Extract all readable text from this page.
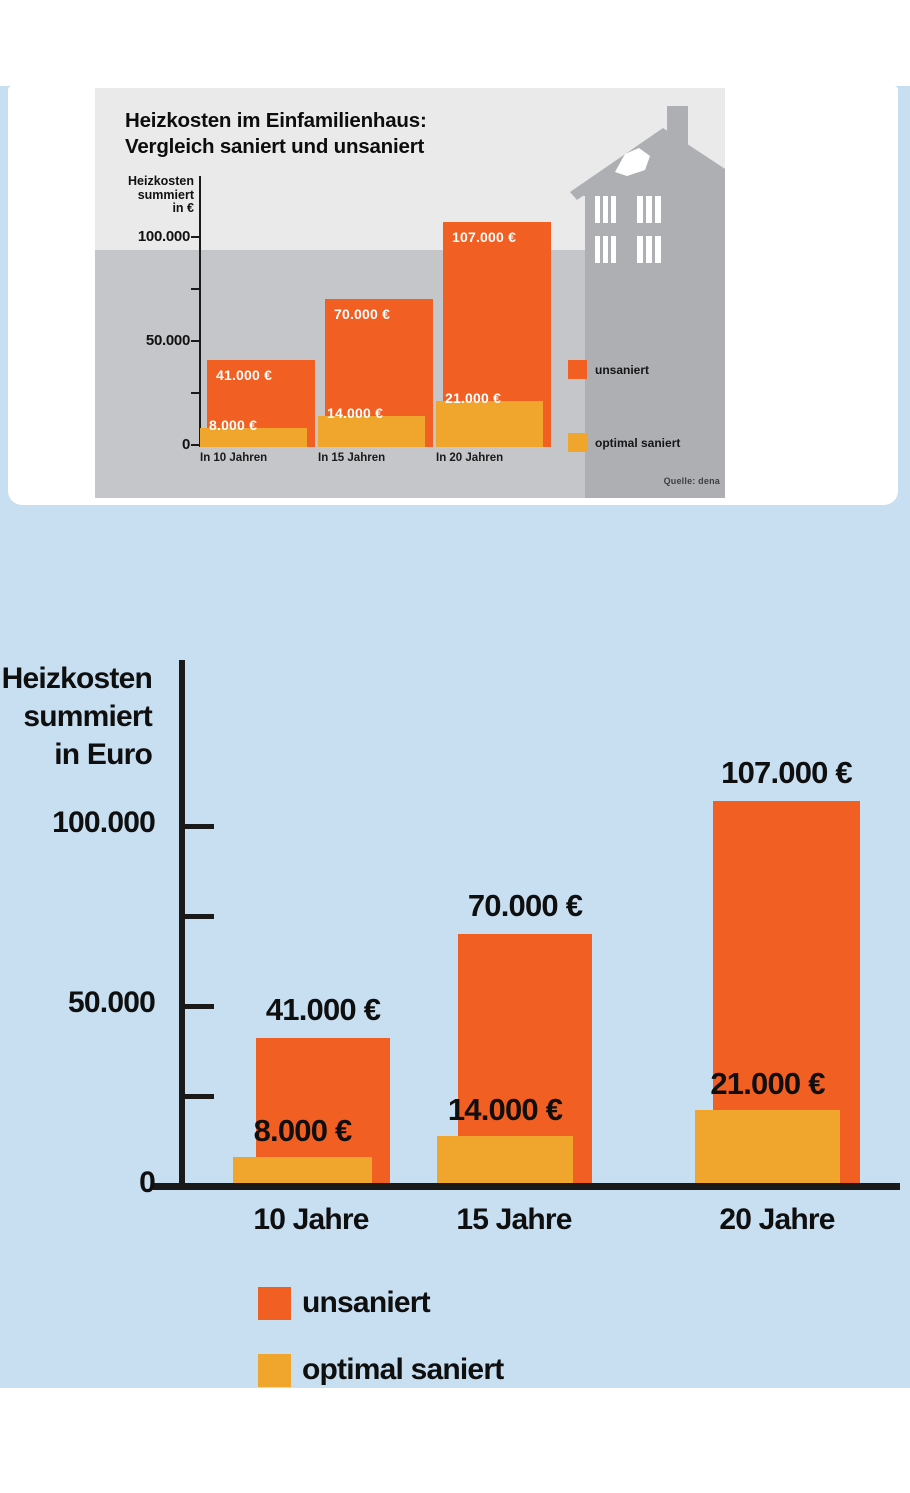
Heizkosten im Einfamilienhaus:
Vergleich saniert und unsaniert
Heizkosten
summiert
in €
0
50.000
100.000
41.000 €
70.000 €
107.000 €
8.000 €
14.000 €
21.000 €
In 10 Jahren	In 15 Jahren	In 20 Jahren
unsaniert
optimal saniert
Quelle: dena
Heizkosten
summiert
in Euro
0
50.000
100.000
41.000 €
70.000 €
107.000 €
8.000 €
14.000 €
21.000 €
10 Jahre	15 Jahre	20 Jahre
unsaniert
optimal saniert
